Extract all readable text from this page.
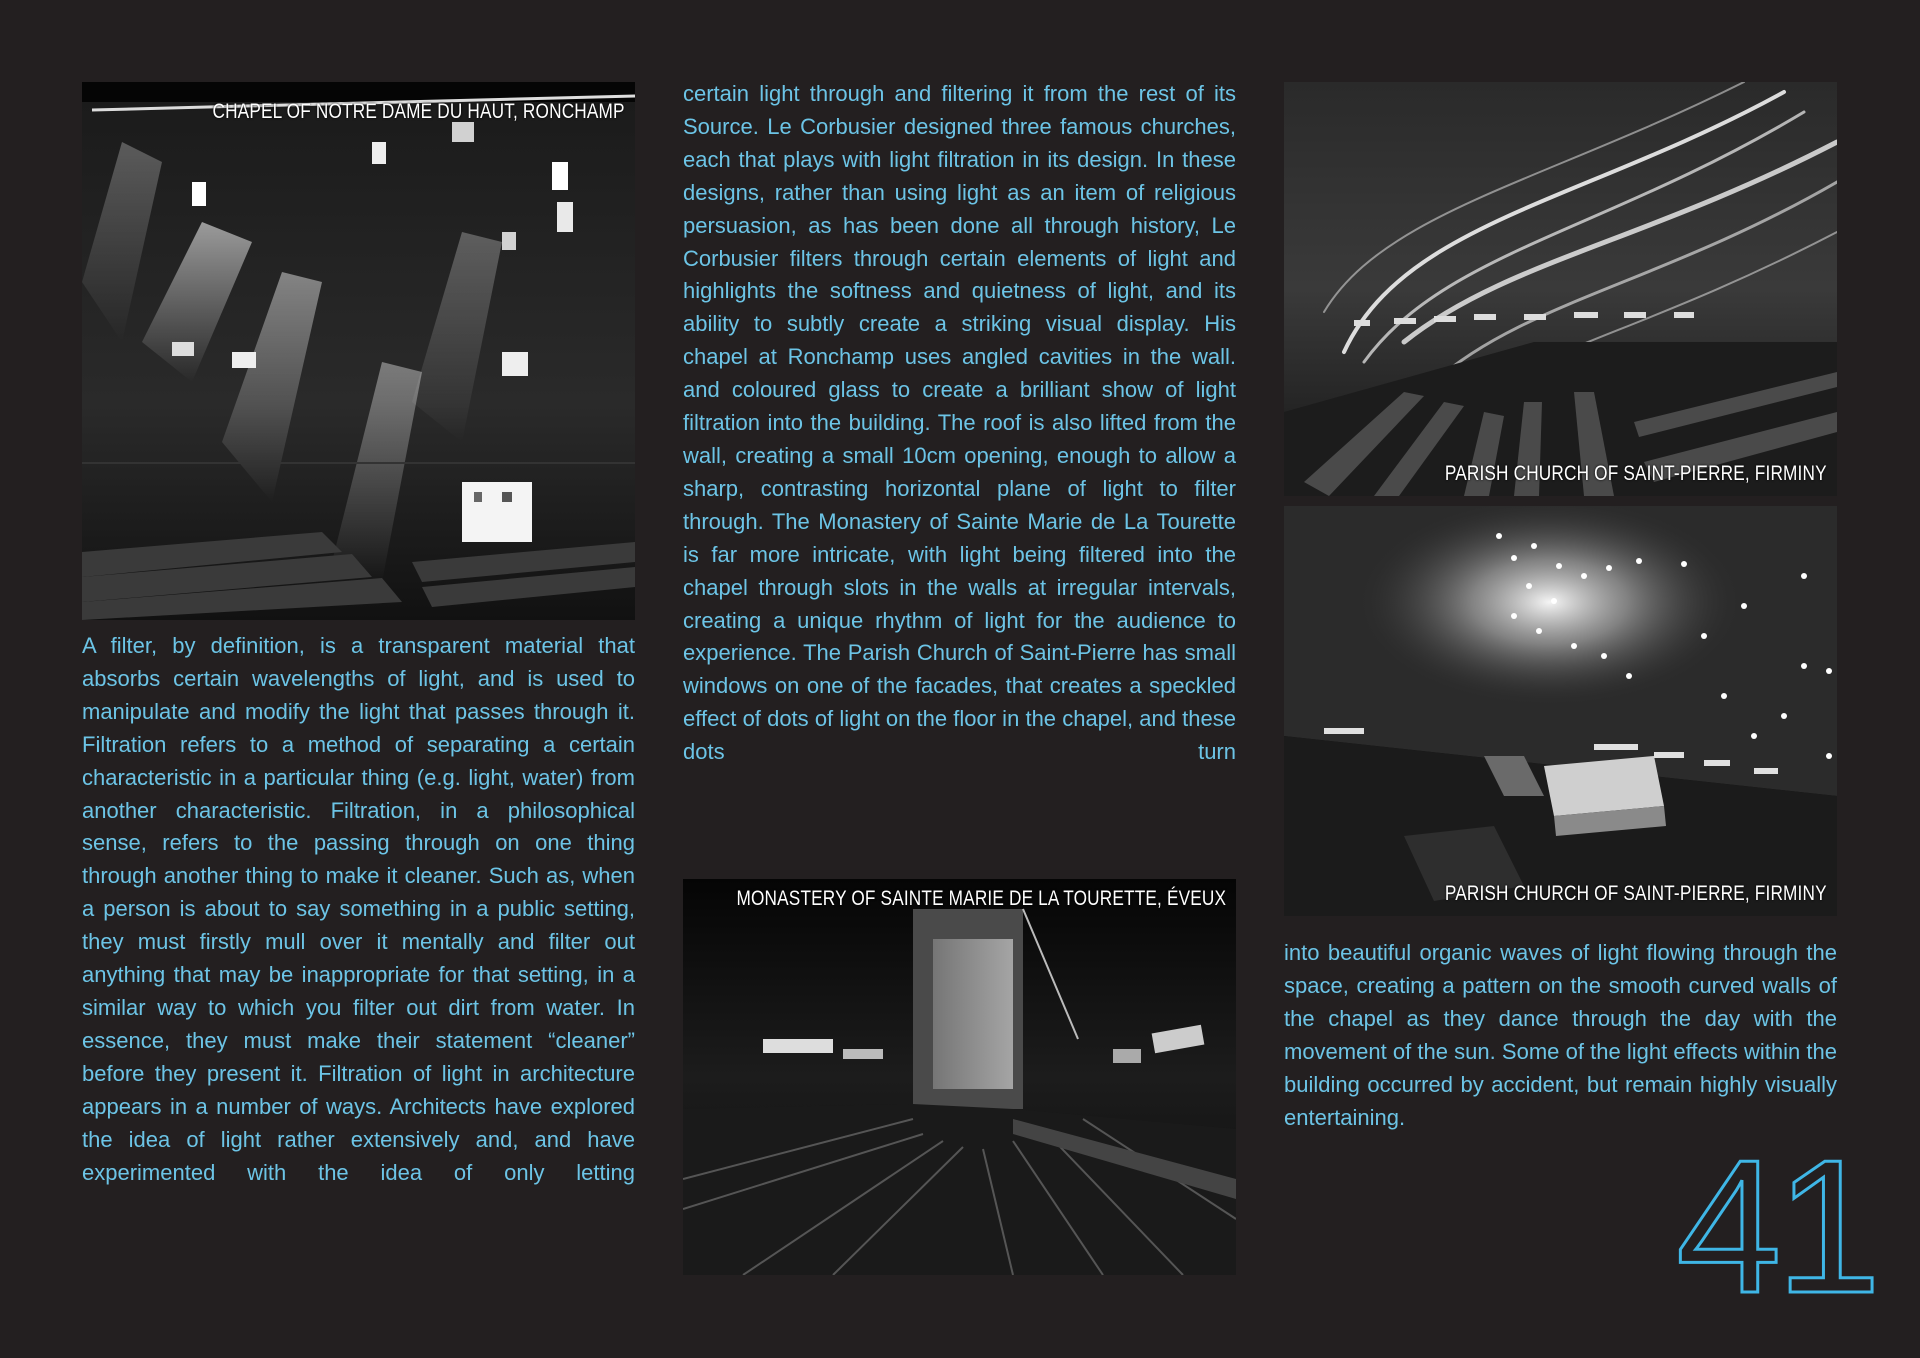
CHAPEL OF NOTRE DAME DU HAUT, RONCHAMP

A filter, by definition, is a transparent material that absorbs certain wavelengths of light, and is used to manipulate and modify the light that passes through it. Filtration refers to a method of separating a certain characteristic in a particular thing (e.g. light, water) from another characteristic. Filtration, in a philosophical sense, refers to the passing through on one thing through another thing to make it cleaner. Such as, when a person is about to say something in a public setting, they must firstly mull over it mentally and filter out anything that may be inappropriate for that setting, in a similar way to which you filter out dirt from water. In essence, they must make their statement “cleaner” before they present it. Filtration of light in architecture appears in a number of ways. Architects have explored the idea of light rather extensively and, and have experimented with the idea of only letting

certain light through and filtering it from the rest of its Source. Le Corbusier designed three famous churches, each that plays with light filtration in its design. In these designs, rather than using light as an item of religious persuasion, as has been done all through history, Le Corbusier filters through certain elements of light and highlights the softness and quietness of light, and its ability to subtly create a striking visual display. His chapel at Ronchamp uses angled cavities in the wall. and coloured glass to create a brilliant show of light filtration into the building. The roof is also lifted from the wall, creating a small 10cm opening, enough to allow a sharp, contrasting horizontal plane of light to filter through. The Monastery of Sainte Marie de La Tourette is far more intricate, with light being filtered into the chapel through slots in the walls at irregular intervals, creating a unique rhythm of light for the audience to experience. The Parish Church of Saint-Pierre has small windows on one of the facades, that creates a speckled effect of dots of light on the floor in the chapel, and these dots turn

MONASTERY OF SAINTE MARIE DE LA TOURETTE, ÉVEUX
PARISH CHURCH OF SAINT-PIERRE, FIRMINY
PARISH CHURCH OF SAINT-PIERRE, FIRMINY

into beautiful organic waves of light flowing through the space, creating a pattern on the smooth curved walls of the chapel as they dance through the day with the movement of the sun. Some of the light effects within the building occurred by accident, but remain highly visually entertaining.

41
